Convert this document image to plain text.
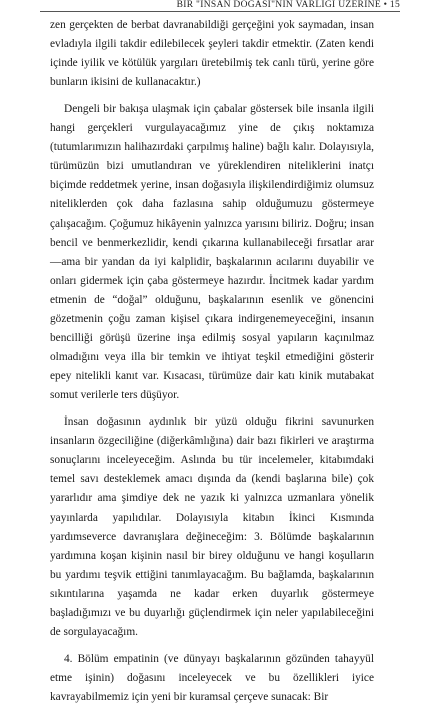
BİR "İNSAN DOĞASI"NIN VARLIĞI ÜZERİNE • 15

zen gerçekten de berbat davranabildiği gerçeğini yok saymadan, insan evladıyla ilgili takdir edilebilecek şeyleri takdir etmektir. (Zaten kendi içinde iyilik ve kötülük yargıları üretebilmiş tek canlı türü, yerine göre bunların ikisini de kullanacaktır.)

Dengeli bir bakışa ulaşmak için çabalar göstersek bile insanla ilgili hangi gerçekleri vurgulayacağımız yine de çıkış noktamıza (tutumlarımızın halihazırdaki çarpılmış haline) bağlı kalır. Dolayısıyla, türümüzün bizi umutlandıran ve yüreklendiren niteliklerini inatçı biçimde reddetmek yerine, insan doğasıyla ilişkilendirdiğimiz olumsuz niteliklerden çok daha fazlasına sahip olduğumuzu göstermeye çalışacağım. Çoğumuz hikâyenin yalnızca yarısını biliriz. Doğru; insan bencil ve benmerkezlidir, kendi çıkarına kullanabileceği fırsatlar arar—ama bir yandan da iyi kalplidir, başkalarının acılarını duyabilir ve onları gidermek için çaba göstermeye hazırdır. İncitmek kadar yardım etmenin de “doğal” olduğunu, başkalarının esenlik ve gönencini gözetmenin çoğu zaman kişisel çıkara indirgenemeyeceğini, insanın bencilliği görüşü üzerine inşa edilmiş sosyal yapıların kaçınılmaz olmadığını veya illa bir temkin ve ihtiyat teşkil etmediğini gösterir epey nitelikli kanıt var. Kısacası, türümüze dair katı kinik mutabakat somut verilerle ters düşüyor.

İnsan doğasının aydınlık bir yüzü olduğu fikrini savunurken insanların özgeciliğine (diğerkâmlığına) dair bazı fikirleri ve araştırma sonuçlarını inceleyeceğim. Aslında bu tür incelemeler, kitabımdaki temel savı desteklemek amacı dışında da (kendi başlarına bile) çok yararlıdır ama şimdiye dek ne yazık ki yalnızca uzmanlara yönelik yayınlarda yapılıdılar. Dolayısıyla kitabın İkinci Kısmında yardımseverce davranışlara değineceğim: 3. Bölümde başkalarının yardımına koşan kişinin nasıl bir birey olduğunu ve hangi koşulların bu yardımı teşvik ettiğini tanımlayacağım. Bu bağlamda, başkalarının sıkıntılarına yaşamda ne kadar erken duyarlık göstermeye başladığımızı ve bu duyarlığı güçlendirmek için neler yapılabileceğini de sorgulayacağım.

4. Bölüm empatinin (ve dünyayı başkalarının gözünden tahayyül etme işinin) doğasını inceleyecek ve bu özellikleri iyice kavrayabilmemiz için yeni bir kuramsal çerçeve sunacak: Bir
